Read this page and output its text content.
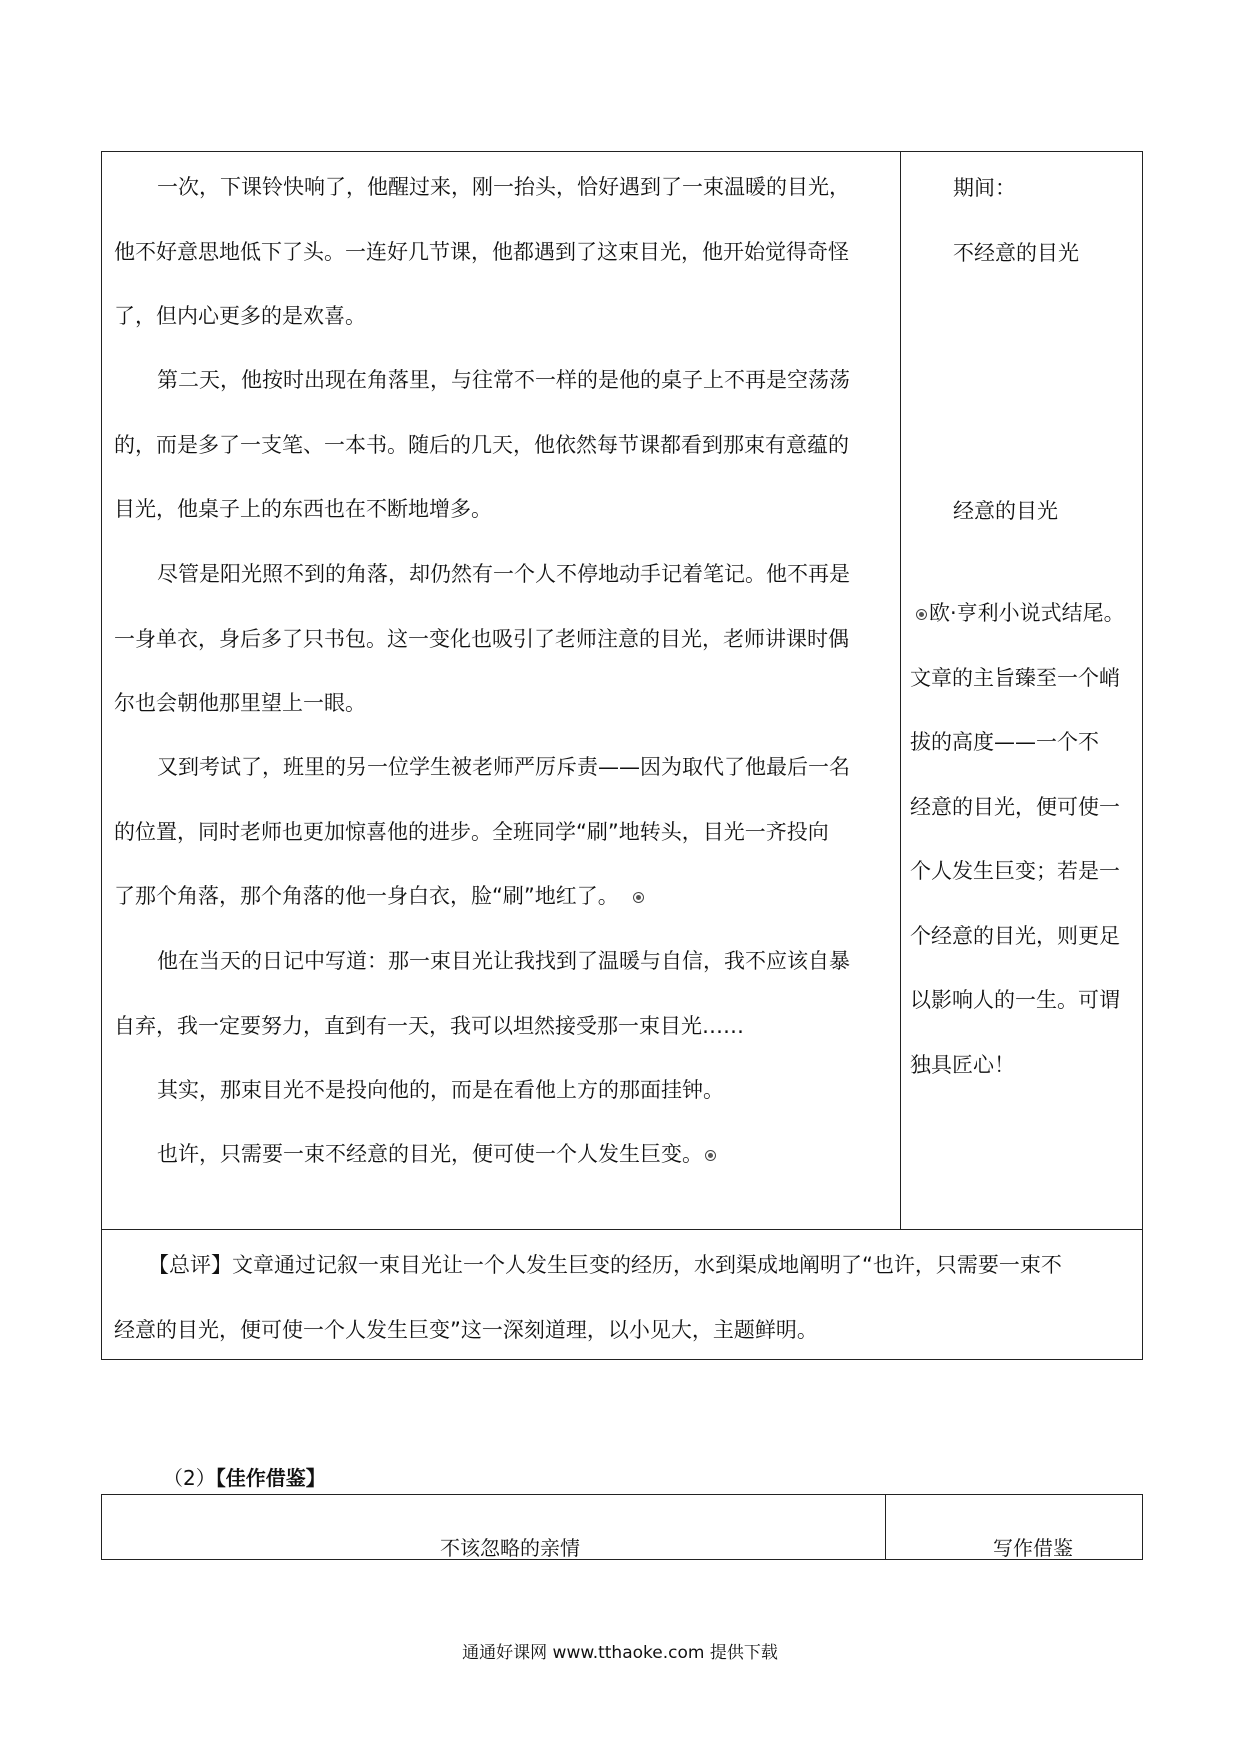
一次，下课铃快响了，他醒过来，刚一抬头，恰好遇到了一束温暖的目光，
他不好意思地低下了头。一连好几节课，他都遇到了这束目光，他开始觉得奇怪
了，但内心更多的是欢喜。
第二天，他按时出现在角落里，与往常不一样的是他的桌子上不再是空荡荡
的，而是多了一支笔、一本书。随后的几天，他依然每节课都看到那束有意蕴的
目光，他桌子上的东西也在不断地增多。
尽管是阳光照不到的角落，却仍然有一个人不停地动手记着笔记。他不再是
一身单衣，身后多了只书包。这一变化也吸引了老师注意的目光，老师讲课时偶
尔也会朝他那里望上一眼。
又到考试了，班里的另一位学生被老师严厉斥责——因为取代了他最后一名
的位置，同时老师也更加惊喜他的进步。全班同学“刷”地转头，目光一齐投向
了那个角落，那个角落的他一身白衣，脸“刷”地红了。
他在当天的日记中写道：那一束目光让我找到了温暖与自信，我不应该自暴
自弃，我一定要努力，直到有一天，我可以坦然接受那一束目光……
其实，那束目光不是投向他的，而是在看他上方的那面挂钟。
也许，只需要一束不经意的目光，便可使一个人发生巨变。
期间：
不经意的目光
经意的目光
欧·亨利小说式结尾。
文章的主旨臻至一个峭
拔的高度——一个不
经意的目光，便可使一
个人发生巨变；若是一
个经意的目光，则更足
以影响人的一生。可谓
独具匠心！
【总评】文章通过记叙一束目光让一个人发生巨变的经历，水到渠成地阐明了“也许，只需要一束不
经意的目光，便可使一个人发生巨变”这一深刻道理，以小见大，主题鲜明。
（2）【佳作借鉴】
不该忽略的亲情	写作借鉴
通通好课网 www.tthaoke.com 提供下载
